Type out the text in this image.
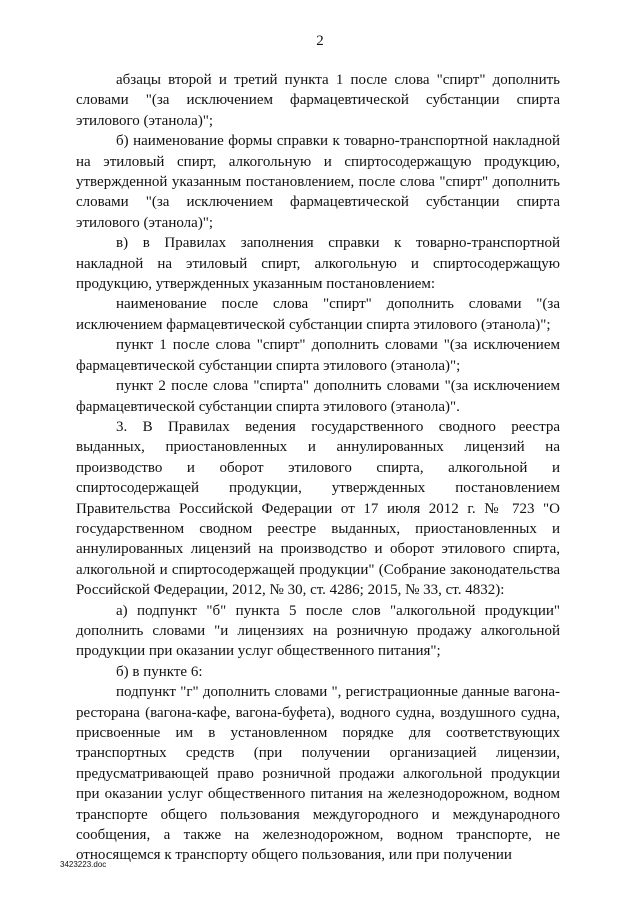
2

абзацы второй и третий пункта 1 после слова "спирт" дополнить словами "(за исключением фармацевтической субстанции спирта этилового (этанола)";

б) наименование формы справки к товарно-транспортной накладной на этиловый спирт, алкогольную и спиртосодержащую продукцию, утвержденной указанным постановлением, после слова "спирт" дополнить словами "(за исключением фармацевтической субстанции спирта этилового (этанола)";

в) в Правилах заполнения справки к товарно-транспортной накладной на этиловый спирт, алкогольную и спиртосодержащую продукцию, утвержденных указанным постановлением:

наименование после слова "спирт" дополнить словами "(за исключением фармацевтической субстанции спирта этилового (этанола)";

пункт 1 после слова "спирт" дополнить словами "(за исключением фармацевтической субстанции спирта этилового (этанола)";

пункт 2 после слова "спирта" дополнить словами "(за исключением фармацевтической субстанции спирта этилового (этанола)".

3. В Правилах ведения государственного сводного реестра выданных, приостановленных и аннулированных лицензий на производство и оборот этилового спирта, алкогольной и спиртосодержащей продукции, утвержденных постановлением Правительства Российской Федерации от 17 июля 2012 г. № 723 "О государственном сводном реестре выданных, приостановленных и аннулированных лицензий на производство и оборот этилового спирта, алкогольной и спиртосодержащей продукции" (Собрание законодательства Российской Федерации, 2012, № 30, ст. 4286; 2015, № 33, ст. 4832):

а) подпункт "б" пункта 5 после слов "алкогольной продукции" дополнить словами "и лицензиях на розничную продажу алкогольной продукции при оказании услуг общественного питания";

б) в пункте 6:

подпункт "г" дополнить словами ", регистрационные данные вагона-ресторана (вагона-кафе, вагона-буфета), водного судна, воздушного судна, присвоенные им в установленном порядке для соответствующих транспортных средств (при получении организацией лицензии, предусматривающей право розничной продажи алкогольной продукции при оказании услуг общественного питания на железнодорожном, водном транспорте общего пользования междугородного и международного сообщения, а также на железнодорожном, водном транспорте, не относящемся к транспорту общего пользования, или при получении

3423223.doc
